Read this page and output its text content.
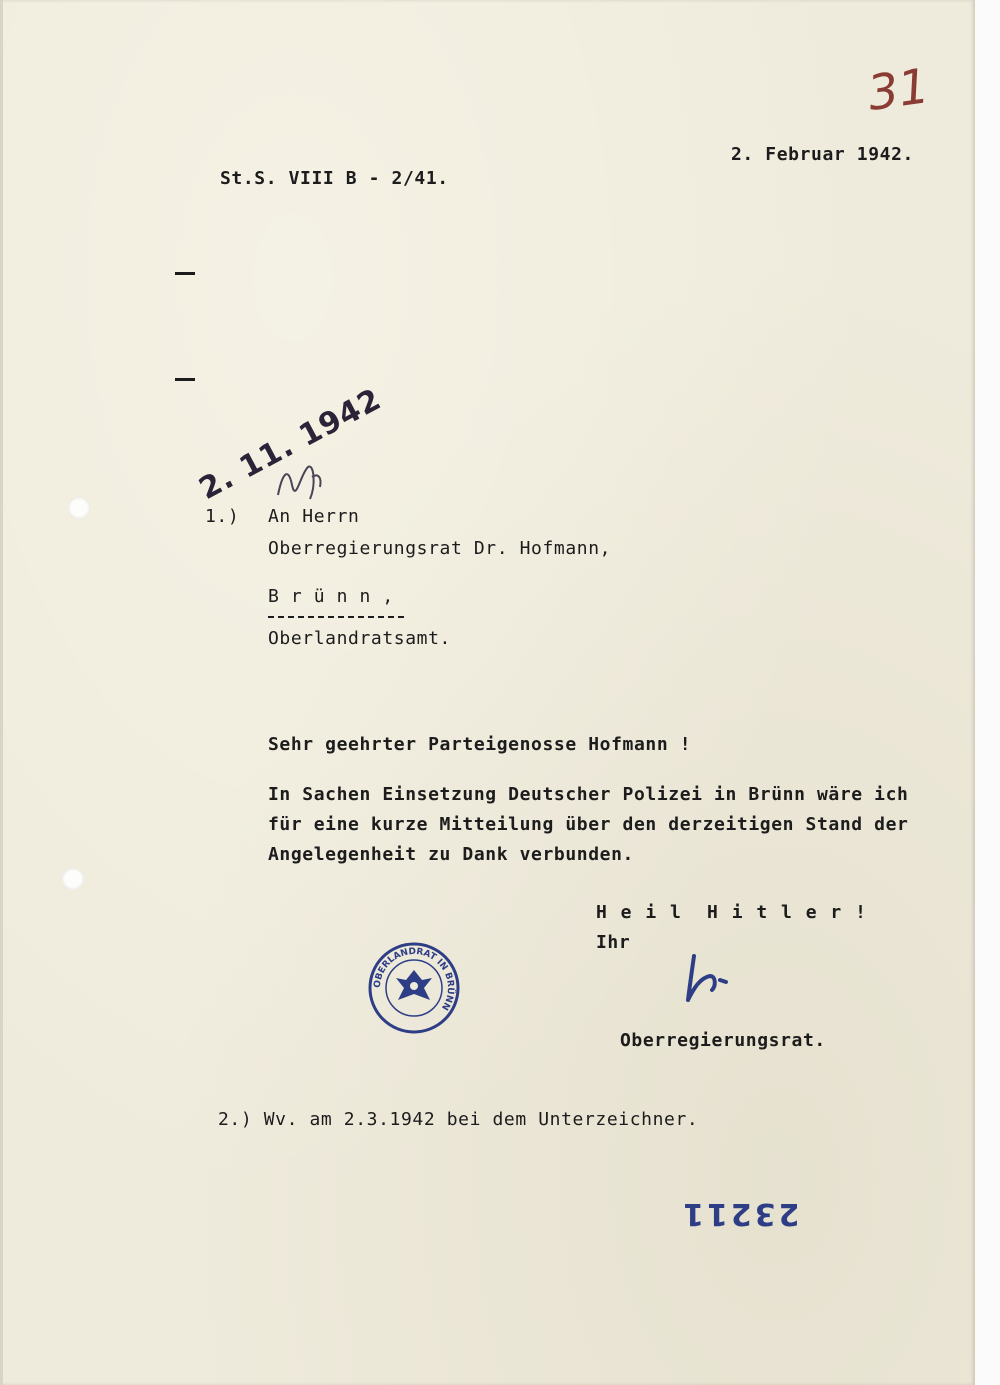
31

2. Februar 1942.

St.S. VIII B - 2/41.

2. 11. 1942

1.) An Herrn

Oberregierungsrat Dr. Hofmann,

B r ü n n ,

Oberlandratsamt.

Sehr geehrter Parteigenosse Hofmann !

In Sachen Einsetzung Deutscher Polizei in Brünn wäre ich

für eine kurze Mitteilung über den derzeitigen Stand der

Angelegenheit zu Dank verbunden.

H e i l  H i t l e r !

Ihr

OBERLANDRAT IN BRÜNN

Oberregierungsrat.

2.) Wv. am 2.3.1942 bei dem Unterzeichner.

23211
